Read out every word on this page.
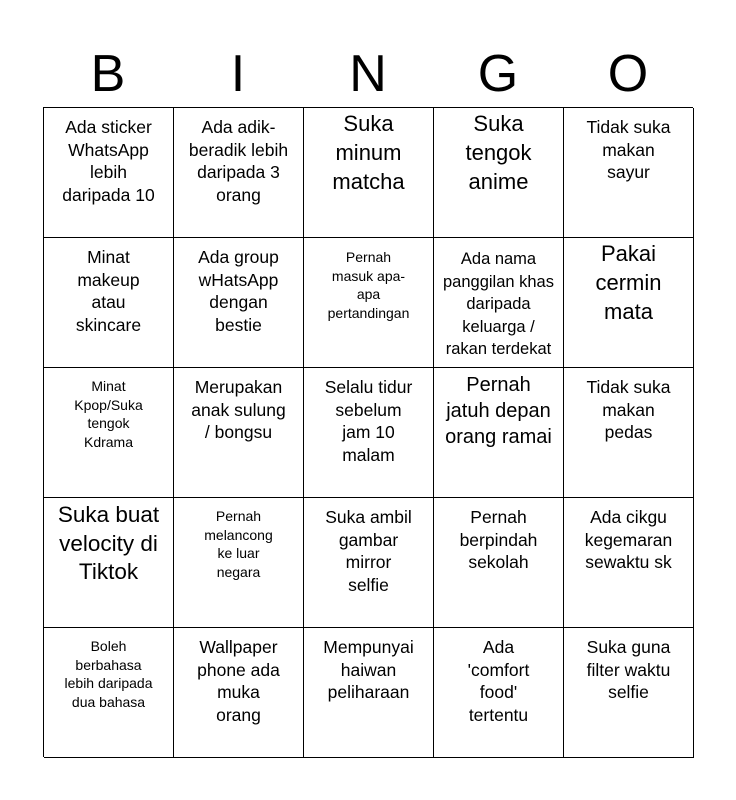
B	I	N	G	O
Ada sticker WhatsApp lebih daripada 10
Ada adik-beradik lebih daripada 3 orang
Suka minum matcha
Suka tengok anime
Tidak suka makan sayur
Minat makeup atau skincare
Ada group wHatsApp dengan bestie
Pernah masuk apa-apa pertandingan
Ada nama panggilan khas daripada keluarga / rakan terdekat
Pakai cermin mata
Minat Kpop/Suka tengok Kdrama
Merupakan anak sulung / bongsu
Selalu tidur sebelum jam 10 malam
Pernah jatuh depan orang ramai
Tidak suka makan pedas
Suka buat velocity di Tiktok
Pernah melancong ke luar negara
Suka ambil gambar mirror selfie
Pernah berpindah sekolah
Ada cikgu kegemaran sewaktu sk
Boleh berbahasa lebih daripada dua bahasa
Wallpaper phone ada muka orang
Mempunyai haiwan peliharaan
Ada 'comfort food' tertentu
Suka guna filter waktu selfie
